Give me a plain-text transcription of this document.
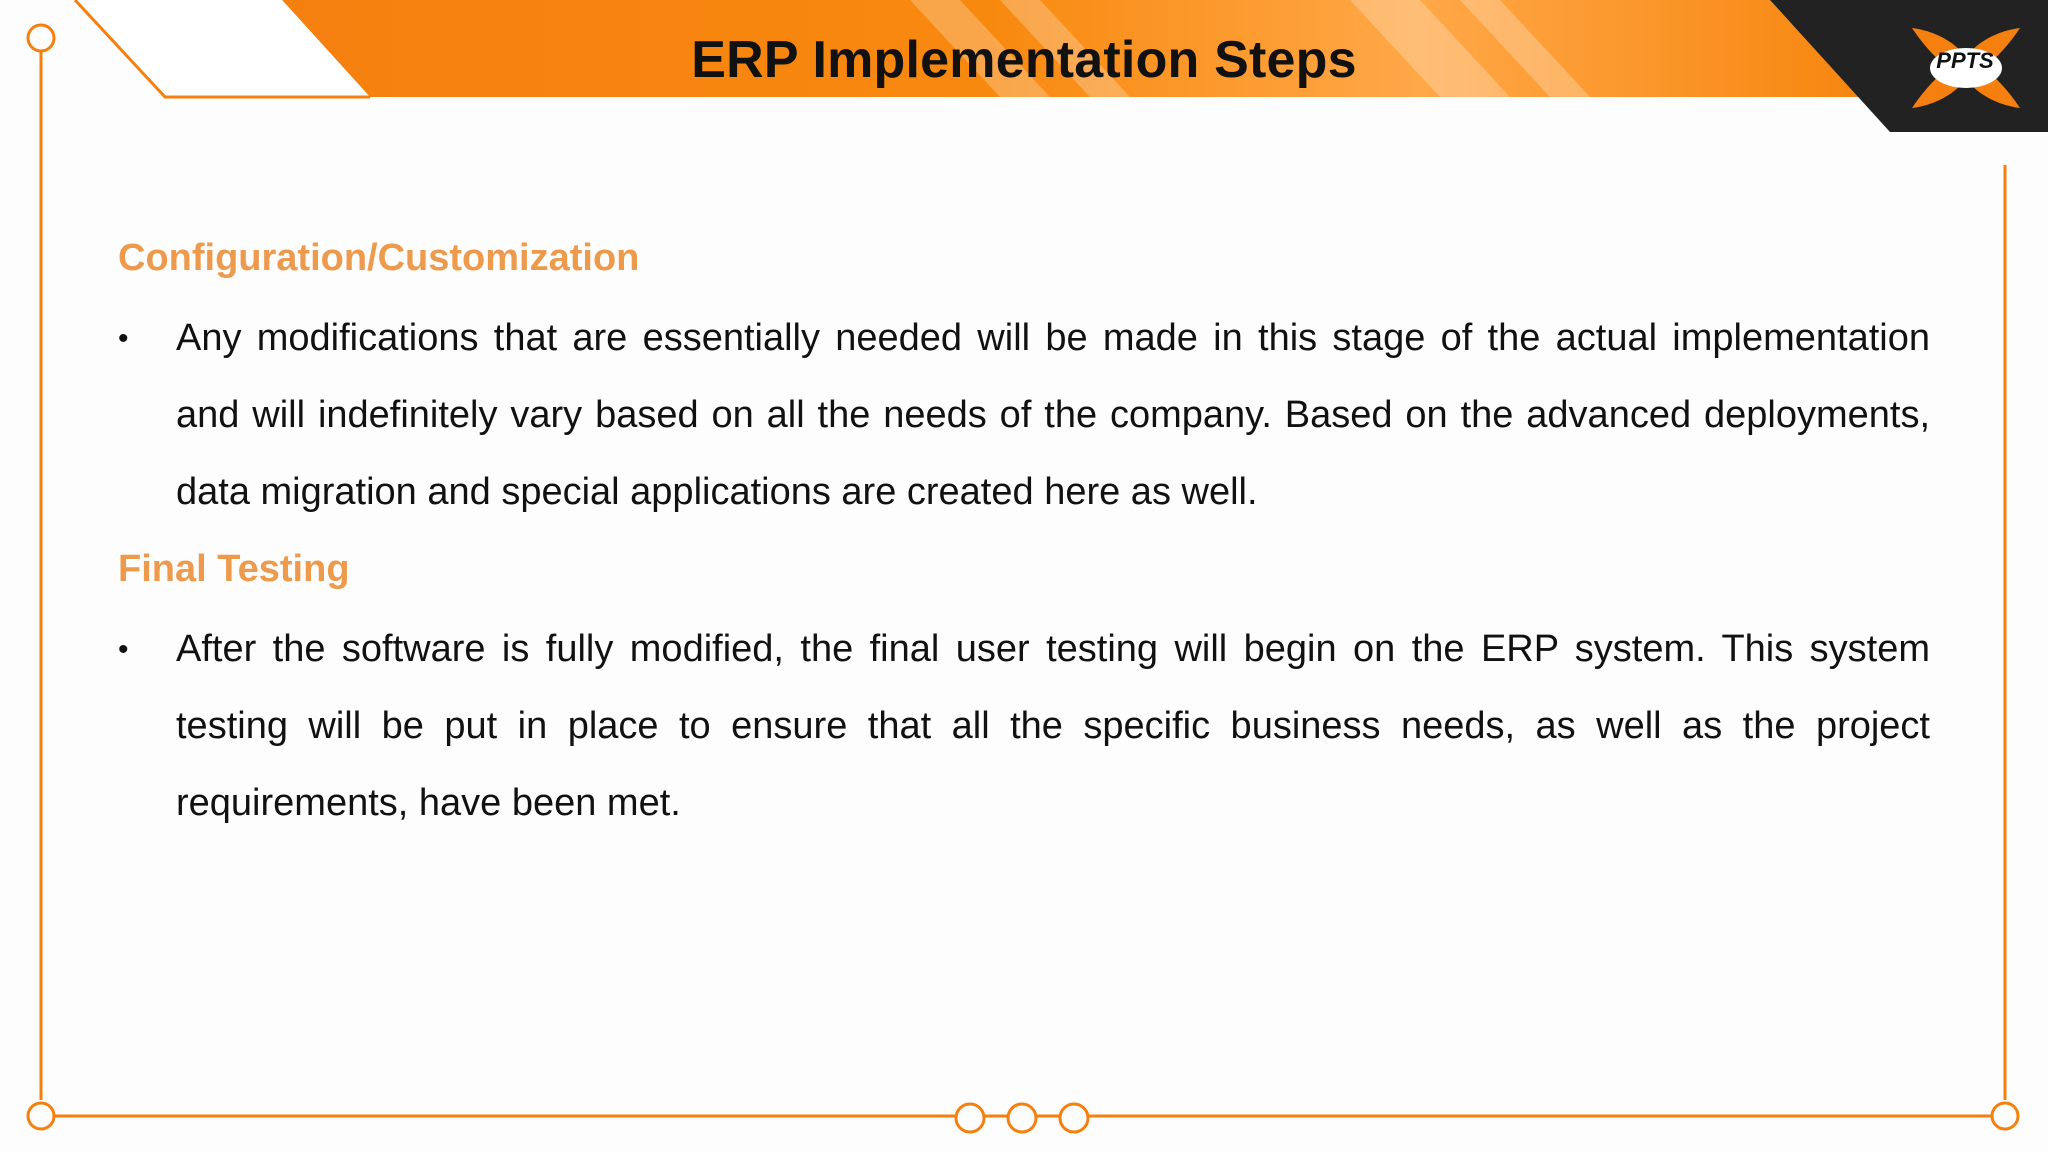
ERP Implementation Steps	PPTS
Configuration/Customization
• Any modifications that are essentially needed will be made in this stage of the actual implementation and will indefinitely vary based on all the needs of the company. Based on the advanced deployments, data migration and special applications are created here as well.

Final Testing
• After the software is fully modified, the final user testing will begin on the ERP system. This system testing will be put in place to ensure that all the specific business needs, as well as the project requirements, have been met.
